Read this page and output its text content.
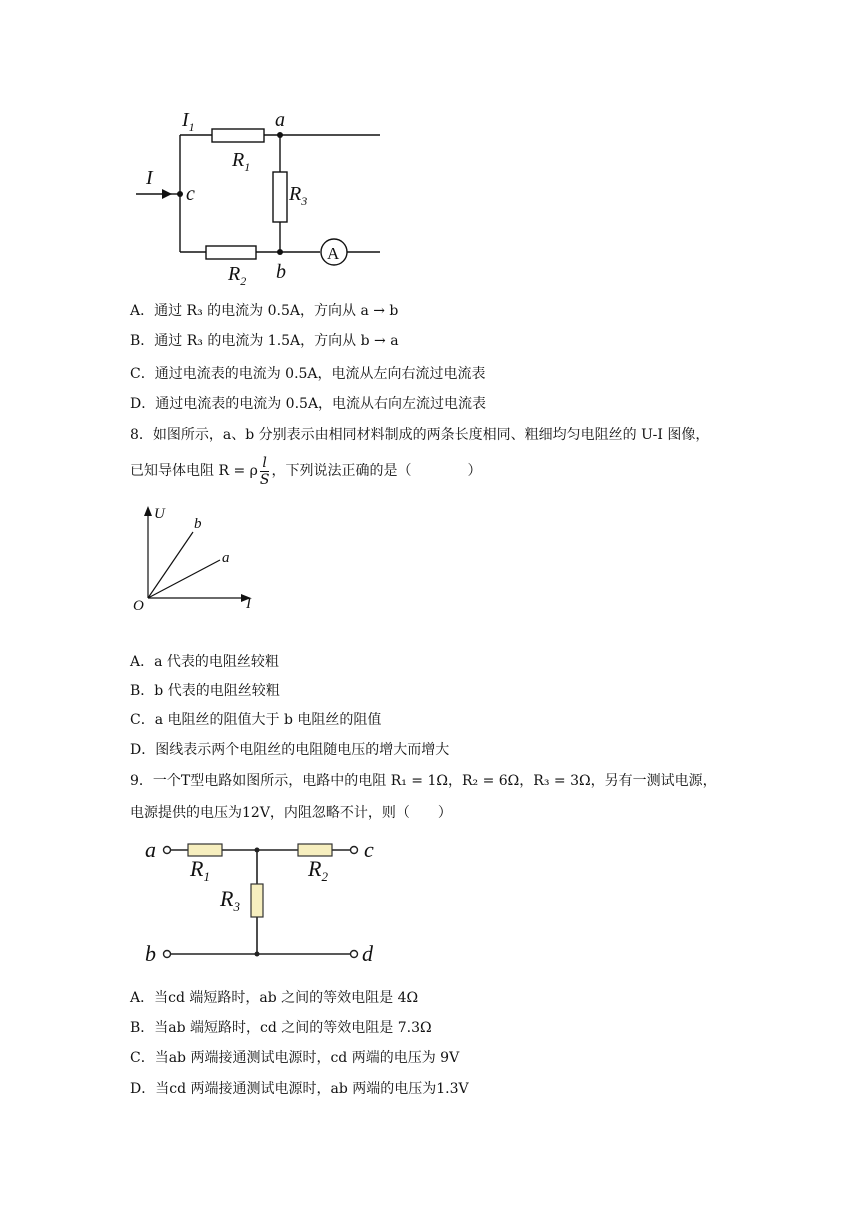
$I_1$	a
I
c
$R_1$
$R_3$
$R_2$ b
A
A．通过 R₃ 的电流为 0.5A，方向从 a → b
B．通过 R₃ 的电流为 1.5A，方向从 b → a
C．通过电流表的电流为 0.5A，电流从左向右流过电流表
D．通过电流表的电流为 0.5A，电流从右向左流过电流表
8．如图所示，a、b 分别表示由相同材料制成的两条长度相同、粗细均匀电阻丝的 U-I 图像，
已知导体电阻 R = ρ $\frac{l}{S}$ ，下列说法正确的是（　　　　）
U
I
O
b
a
A．a 代表的电阻丝较粗
B．b 代表的电阻丝较粗
C．a 电阻丝的阻值大于 b 电阻丝的阻值
D．图线表示两个电阻丝的电阻随电压的增大而增大
9．一个T型电路如图所示，电路中的电阻 R₁ = 1Ω，R₂ = 6Ω，R₃ = 3Ω，另有一测试电源，
电源提供的电压为12V，内阻忽略不计，则（　　）
a	c
b	d
$R_1$	$R_2$
$R_3$
A．当cd 端短路时，ab 之间的等效电阻是 4Ω
B．当ab 端短路时，cd 之间的等效电阻是 7.3Ω
C．当ab 两端接通测试电源时，cd 两端的电压为 9V
D．当cd 两端接通测试电源时，ab 两端的电压为1.3V
